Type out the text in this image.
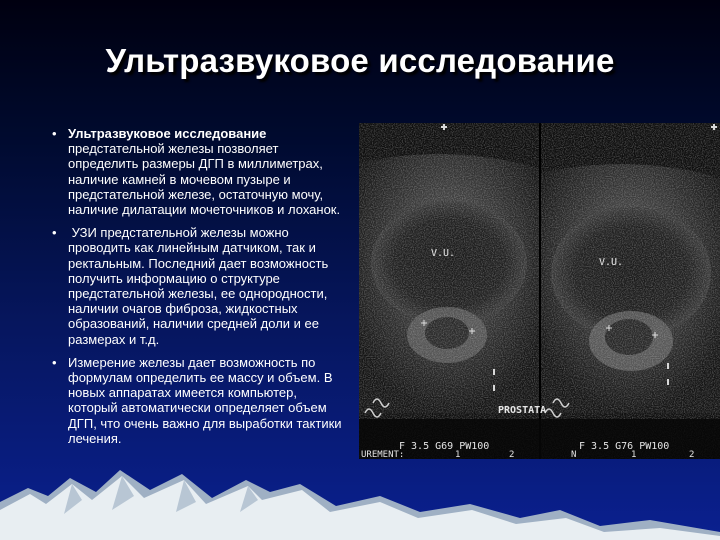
Ультразвуковое исследование
• Ультразвуковое исследование предстательной железы позволяет определить размеры ДГП в миллиметрах, наличие камней в мочевом пузыре и предстательной железе, остаточную мочу, наличие дилатации мочеточников и лоханок.
• УЗИ предстательной железы можно проводить как линейным датчиком, так и ректальным. Последний дает возможность получить информацию о структуре предстательной железы, ее однородности, наличии очагов фиброза, жидкостных образований, наличии средней доли и ее размерах и т.д.
• Измерение железы дает возможность по формулам определить ее массу и объем. В новых аппаратах имеется компьютер, который автоматически определяет объем ДГП, что очень важно для выработки тактики лечения.
V.U.
V.U.
PROSTATA
F 3.5 G69 PW100	F 3.5 G76 PW100
UREMENT:	1	2	N	1	2
